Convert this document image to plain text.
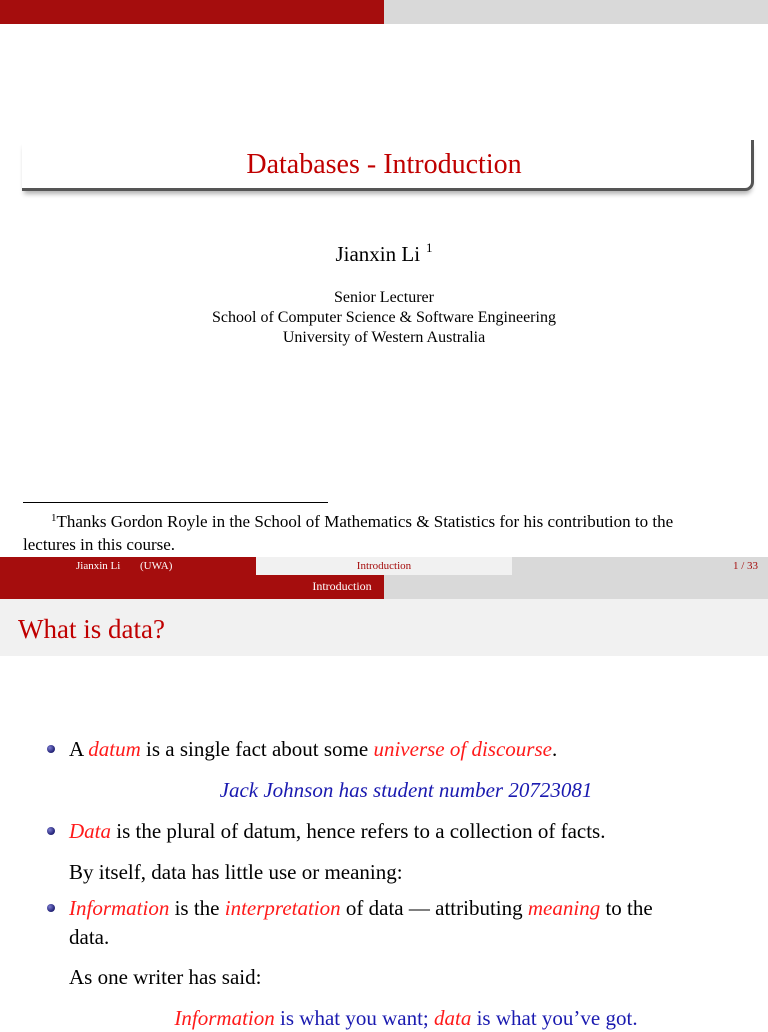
Databases - Introduction
Jianxin Li $^1$
Senior Lecturer
School of Computer Science & Software Engineering
University of Western Australia
$^1$Thanks Gordon Royle in the School of Mathematics & Statistics for his contribution to the
lectures in this course.
Jianxin Li (UWA)	Introduction	1 / 33
Introduction
What is data?
A datum is a single fact about some universe of discourse.
Jack Johnson has student number 20723081
Data is the plural of datum, hence refers to a collection of facts.
By itself, data has little use or meaning:
Information is the interpretation of data — attributing meaning to the
data.
As one writer has said:
Information is what you want; data is what you’ve got.
